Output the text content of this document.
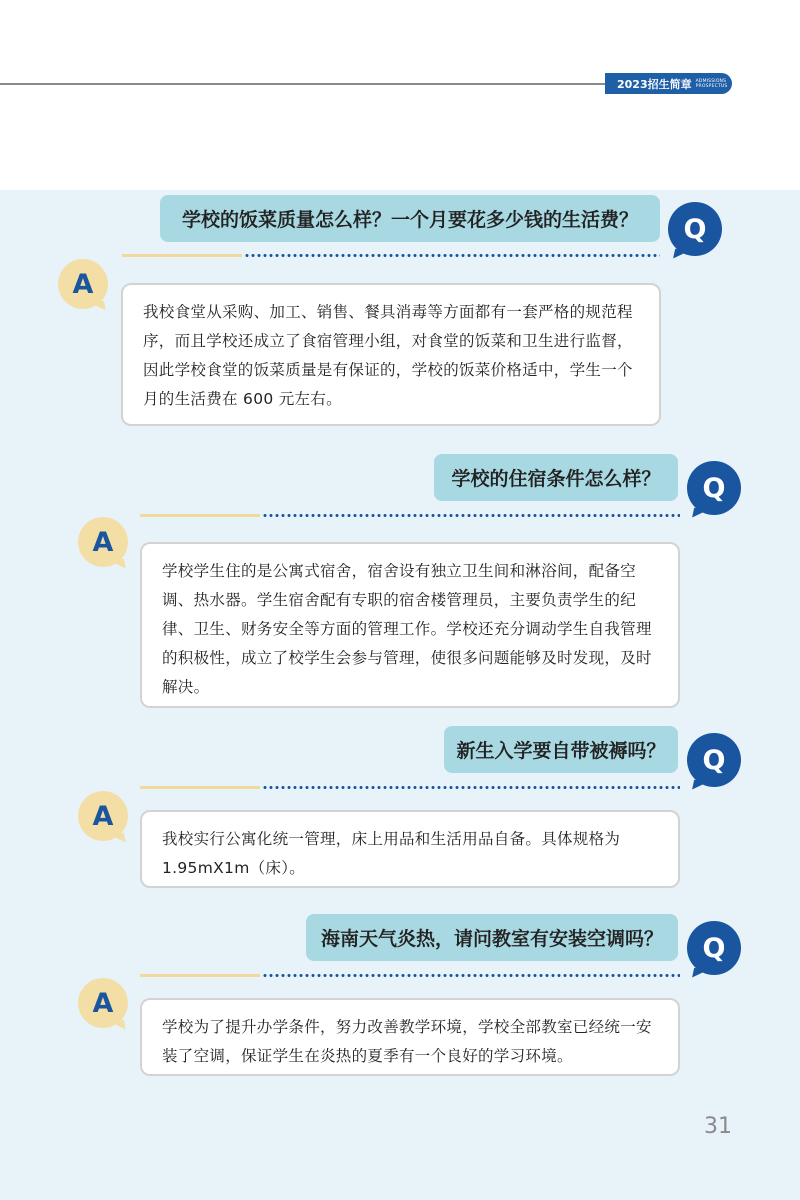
2023招生简章 ADMISSIONS
PROSPECTUS
学校的饭菜质量怎么样？一个月要花多少钱的生活费？	Q
A
我校食堂从采购、加工、销售、餐具消毒等方面都有一套严格的规范程序，而且学校还成立了食宿管理小组，对食堂的饭菜和卫生进行监督，因此学校食堂的饭菜质量是有保证的，学校的饭菜价格适中，学生一个月的生活费在 600 元左右。
学校的住宿条件怎么样？	Q
A
学校学生住的是公寓式宿舍，宿舍设有独立卫生间和淋浴间，配备空调、热水器。学生宿舍配有专职的宿舍楼管理员，主要负责学生的纪律、卫生、财务安全等方面的管理工作。学校还充分调动学生自我管理的积极性，成立了校学生会参与管理，使很多问题能够及时发现，及时解决。
新生入学要自带被褥吗？	Q
A
我校实行公寓化统一管理，床上用品和生活用品自备。具体规格为 1.95mX1m（床）。
海南天气炎热，请问教室有安装空调吗？	Q
A
学校为了提升办学条件，努力改善教学环境，学校全部教室已经统一安装了空调，保证学生在炎热的夏季有一个良好的学习环境。
31
